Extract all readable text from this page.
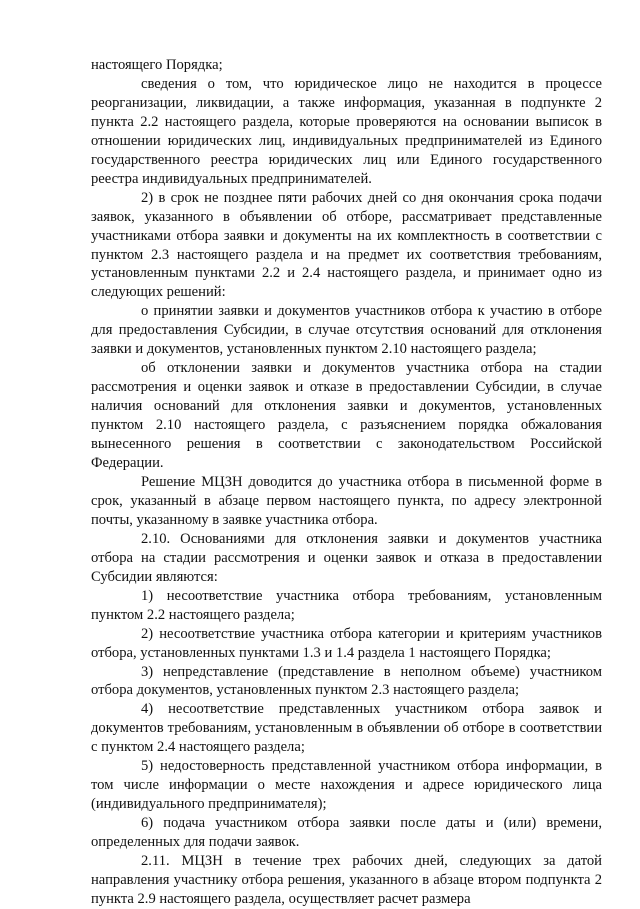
настоящего Порядка;

сведения о том, что юридическое лицо не находится в процессе реорганизации, ликвидации, а также информация, указанная в подпункте 2 пункта 2.2 настоящего раздела, которые проверяются на основании выписок в отношении юридических лиц, индивидуальных предпринимателей из Единого государственного реестра юридических лиц или Единого государственного реестра индивидуальных предпринимателей.

2) в срок не позднее пяти рабочих дней со дня окончания срока подачи заявок, указанного в объявлении об отборе, рассматривает представленные участниками отбора заявки и документы на их комплектность в соответствии с пунктом 2.3 настоящего раздела и на предмет их соответствия требованиям, установленным пунктами 2.2 и 2.4 настоящего раздела, и принимает одно из следующих решений:

о принятии заявки и документов участников отбора к участию в отборе для предоставления Субсидии, в случае отсутствия оснований для отклонения заявки и документов, установленных пунктом 2.10 настоящего раздела;

об отклонении заявки и документов участника отбора на стадии рассмотрения и оценки заявок и отказе в предоставлении Субсидии, в случае наличия оснований для отклонения заявки и документов, установленных пунктом 2.10 настоящего раздела, с разъяснением порядка обжалования вынесенного решения в соответствии с законодательством Российской Федерации.

Решение МЦЗН доводится до участника отбора в письменной форме в срок, указанный в абзаце первом настоящего пункта, по адресу электронной почты, указанному в заявке участника отбора.

2.10. Основаниями для отклонения заявки и документов участника отбора на стадии рассмотрения и оценки заявок и отказа в предоставлении Субсидии являются:

1) несоответствие участника отбора требованиям, установленным пунктом 2.2 настоящего раздела;

2) несоответствие участника отбора категории и критериям участников отбора, установленных пунктами 1.3 и 1.4 раздела 1 настоящего Порядка;

3) непредставление (представление в неполном объеме) участником отбора документов, установленных пунктом 2.3 настоящего раздела;

4) несоответствие представленных участником отбора заявок и документов требованиям, установленным в объявлении об отборе в соответствии с пунктом 2.4 настоящего раздела;

5) недостоверность представленной участником отбора информации, в том числе информации о месте нахождения и адресе юридического лица (индивидуального предпринимателя);

6) подача участником отбора заявки после даты и (или) времени, определенных для подачи заявок.

2.11. МЦЗН в течение трех рабочих дней, следующих за датой направления участнику отбора решения, указанного в абзаце втором подпункта 2 пункта 2.9 настоящего раздела, осуществляет расчет размера
